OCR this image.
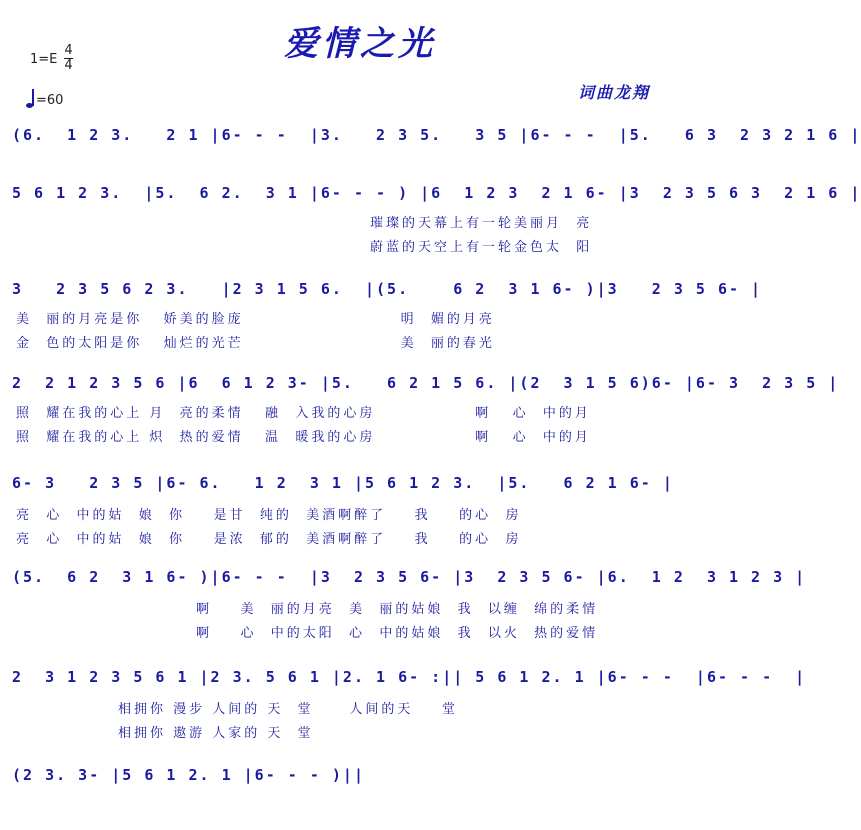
爱情之光
1=E
4
4
=60	词曲龙翔
(6.  1 2 3.   2 1 |6- - -  |3.   2 3 5.   3 5 |6- - -  |5.   6 3  2 3 2 1 6 |
5 6 1 2 3.  |5.  6 2.  3 1 |6- - - ) |6  1 2 3  2 1 6- |3  2 3 5 6 3  2 1 6 |
璀璨的天幕上有一轮美丽月  亮
蔚蓝的天空上有一轮金色太  阳
3   2 3 5 6 2 3.   |2 3 1 5 6.  |(5.    6 2  3 1 6- )|3   2 3 5 6- |
美  丽的月亮是你   娇美的脸庞                      明  媚的月亮
金  色的太阳是你   灿烂的光芒                      美  丽的春光
2  2 1 2 3 5 6 |6  6 1 2 3- |5.   6 2 1 5 6. |(2  3 1 5 6)6- |6- 3  2 3 5 |
照  耀在我的心上 月  亮的柔情   融  入我的心房              啊   心  中的月
照  耀在我的心上 炽  热的爱情   温  暖我的心房              啊   心  中的月
6- 3   2 3 5 |6- 6.   1 2  3 1 |5 6 1 2 3.  |5.   6 2 1 6- |
亮  心  中的姑  娘  你    是甘  纯的  美酒啊醉了    我    的心  房
亮  心  中的姑  娘  你    是浓  郁的  美酒啊醉了    我    的心  房
(5.  6 2  3 1 6- )|6- - -  |3  2 3 5 6- |3  2 3 5 6- |6.  1 2  3 1 2 3 |
啊    美  丽的月亮  美  丽的姑娘  我  以缠  绵的柔情
啊    心  中的太阳  心  中的姑娘  我  以火  热的爱情
2  3 1 2 3 5 6 1 |2 3. 5 6 1 |2. 1 6- :|| 5 6 1 2. 1 |6- - -  |6- - -  |
相拥你 漫步 人间的 天  堂     人间的天    堂
相拥你 遨游 人家的 天  堂
(2 3. 3- |5 6 1 2. 1 |6- - - )||
